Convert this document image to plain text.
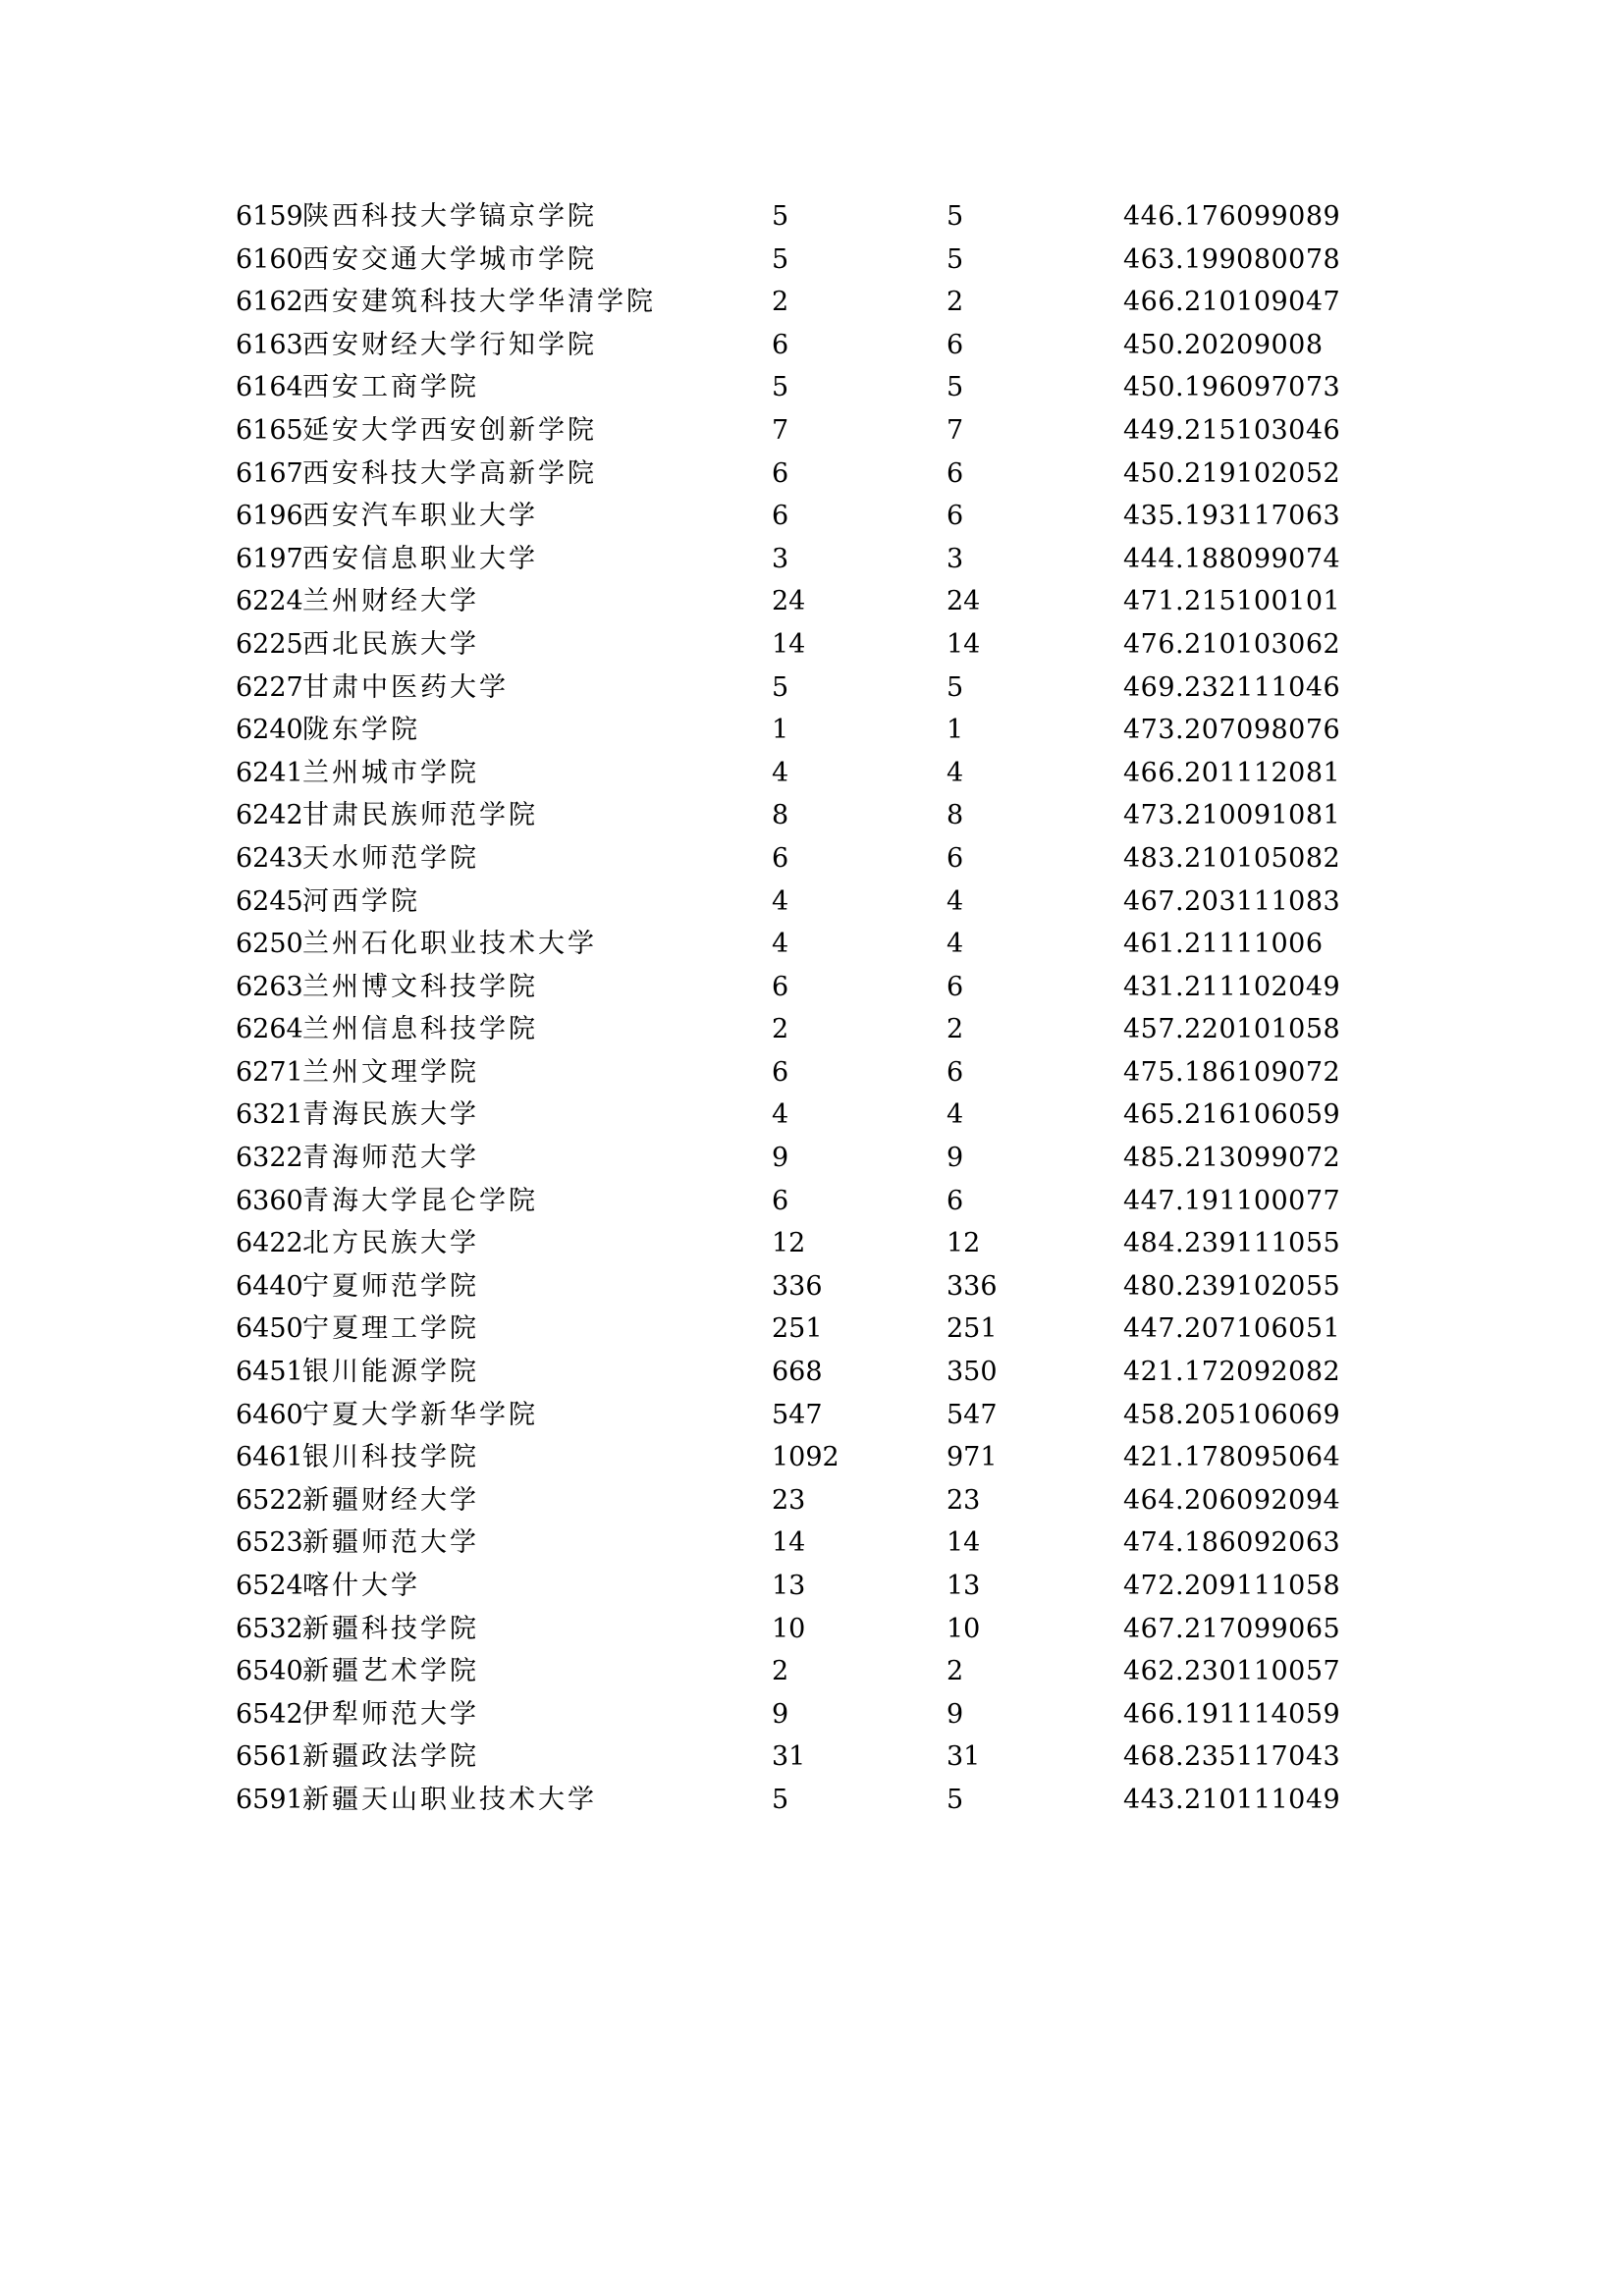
6159 陕西科技大学镐京学院	5	5	446.176099089
6160 西安交通大学城市学院	5	5	463.199080078
6162 西安建筑科技大学华清学院	2	2	466.210109047
6163 西安财经大学行知学院	6	6	450.20209008
6164 西安工商学院	5	5	450.196097073
6165 延安大学西安创新学院	7	7	449.215103046
6167 西安科技大学高新学院	6	6	450.219102052
6196 西安汽车职业大学	6	6	435.193117063
6197 西安信息职业大学	3	3	444.188099074
6224 兰州财经大学	24	24	471.215100101
6225 西北民族大学	14	14	476.210103062
6227 甘肃中医药大学	5	5	469.232111046
6240 陇东学院	1	1	473.207098076
6241 兰州城市学院	4	4	466.201112081
6242 甘肃民族师范学院	8	8	473.210091081
6243 天水师范学院	6	6	483.210105082
6245 河西学院	4	4	467.203111083
6250 兰州石化职业技术大学	4	4	461.21111006
6263 兰州博文科技学院	6	6	431.211102049
6264 兰州信息科技学院	2	2	457.220101058
6271 兰州文理学院	6	6	475.186109072
6321 青海民族大学	4	4	465.216106059
6322 青海师范大学	9	9	485.213099072
6360 青海大学昆仑学院	6	6	447.191100077
6422 北方民族大学	12	12	484.239111055
6440 宁夏师范学院	336	336	480.239102055
6450 宁夏理工学院	251	251	447.207106051
6451 银川能源学院	668	350	421.172092082
6460 宁夏大学新华学院	547	547	458.205106069
6461 银川科技学院	1092	971	421.178095064
6522 新疆财经大学	23	23	464.206092094
6523 新疆师范大学	14	14	474.186092063
6524 喀什大学	13	13	472.209111058
6532 新疆科技学院	10	10	467.217099065
6540 新疆艺术学院	2	2	462.230110057
6542 伊犁师范大学	9	9	466.191114059
6561 新疆政法学院	31	31	468.235117043
6591 新疆天山职业技术大学	5	5	443.210111049
